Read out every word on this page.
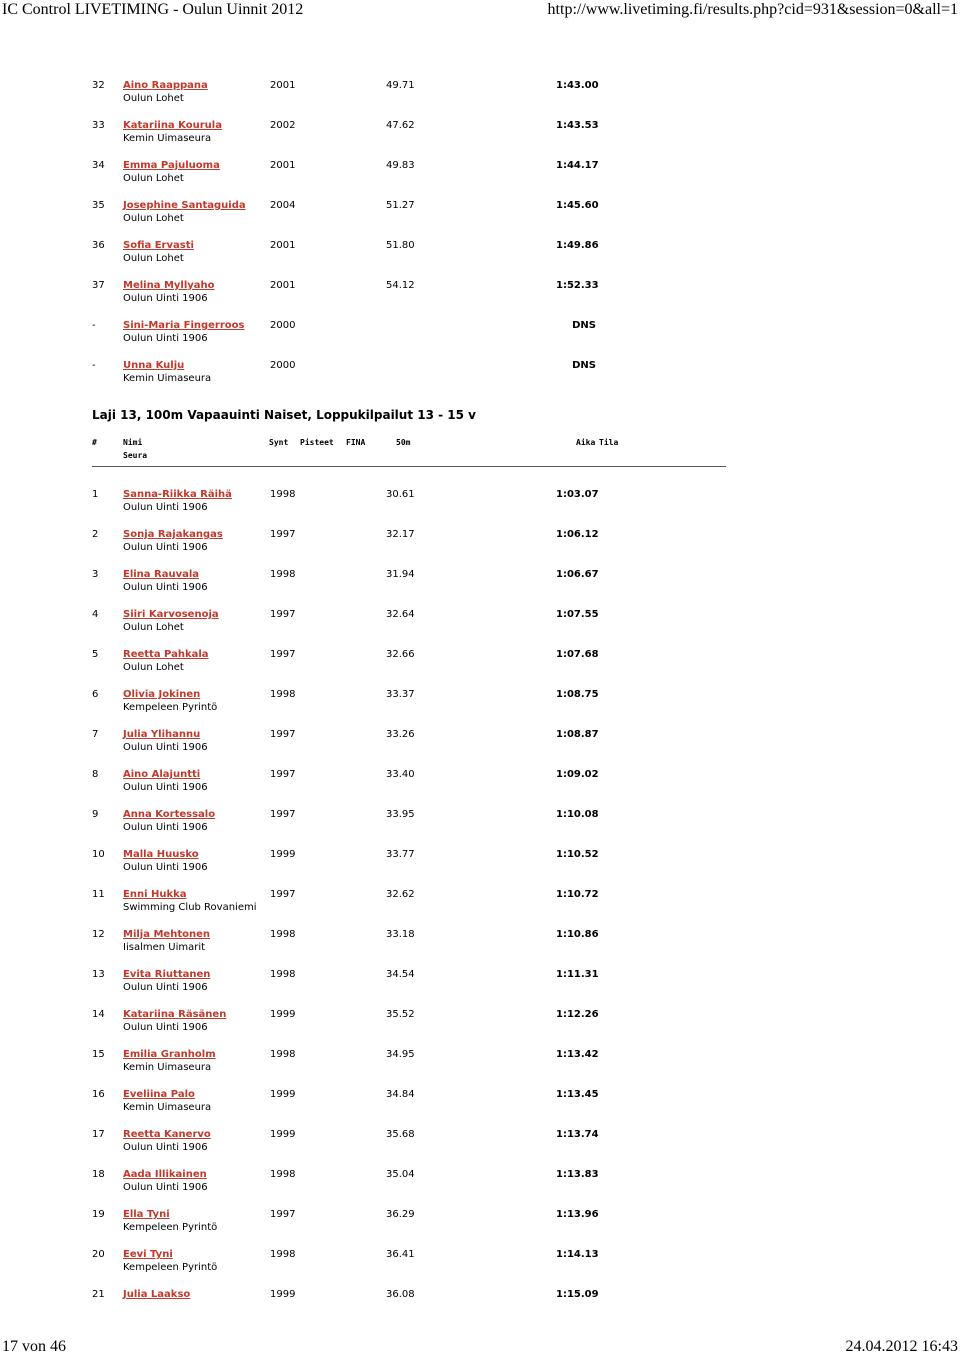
IC Control LIVETIMING - Oulun Uinnit 2012	http://www.livetiming.fi/results.php?cid=931&session=0&all=1
32 Aino Raappana	2001	49.71	1:43.00
Oulun Lohet
33 Katariina Kourula	2002	47.62	1:43.53
Kemin Uimaseura
34 Emma Pajuluoma	2001	49.83	1:44.17
Oulun Lohet
35 Josephine Santaguida 2004	51.27	1:45.60
Oulun Lohet
36 Sofia Ervasti	2001	51.80	1:49.86
Oulun Lohet
37 Melina Myllyaho	2001	54.12	1:52.33
Oulun Uinti 1906
-	Sini-Maria Fingerroos	2000	DNS
Oulun Uinti 1906
-	Unna Kulju	2000	DNS
Kemin Uimaseura
Laji 13, 100m Vapaauinti Naiset, Loppukilpailut 13 - 15 v
#	Nimi	Synt Pisteet FINA	50m	Aika Tila
Seura
1 Sanna-Riikka Räihä	1998	30.61	1:03.07
Oulun Uinti 1906
2 Sonja Rajakangas	1997	32.17	1:06.12
Oulun Uinti 1906
3 Elina Rauvala	1998	31.94	1:06.67
Oulun Uinti 1906
4 Siiri Karvosenoja	1997	32.64	1:07.55
Oulun Lohet
5 Reetta Pahkala	1997	32.66	1:07.68
Oulun Lohet
6 Olivia Jokinen	1998	33.37	1:08.75
Kempeleen Pyrintö
7 Julia Ylihannu	1997	33.26	1:08.87
Oulun Uinti 1906
8 Aino Alajuntti	1997	33.40	1:09.02
Oulun Uinti 1906
9 Anna Kortessalo	1997	33.95	1:10.08
Oulun Uinti 1906
10 Malla Huusko	1999	33.77	1:10.52
Oulun Uinti 1906
11 Enni Hukka	1997	32.62	1:10.72
Swimming Club Rovaniemi
12 Milja Mehtonen	1998	33.18	1:10.86
Iisalmen Uimarit
13 Evita Riuttanen	1998	34.54	1:11.31
Oulun Uinti 1906
14 Katariina Räsänen	1999	35.52	1:12.26
Oulun Uinti 1906
15 Emilia Granholm	1998	34.95	1:13.42
Kemin Uimaseura
16 Eveliina Palo	1999	34.84	1:13.45
Kemin Uimaseura
17 Reetta Kanervo	1999	35.68	1:13.74
Oulun Uinti 1906
18 Aada Illikainen	1998	35.04	1:13.83
Oulun Uinti 1906
19 Ella Tyni	1997	36.29	1:13.96
Kempeleen Pyrintö
20 Eevi Tyni	1998	36.41	1:14.13
Kempeleen Pyrintö
21 Julia Laakso	1999	36.08	1:15.09
17 von 46	24.04.2012 16:43
